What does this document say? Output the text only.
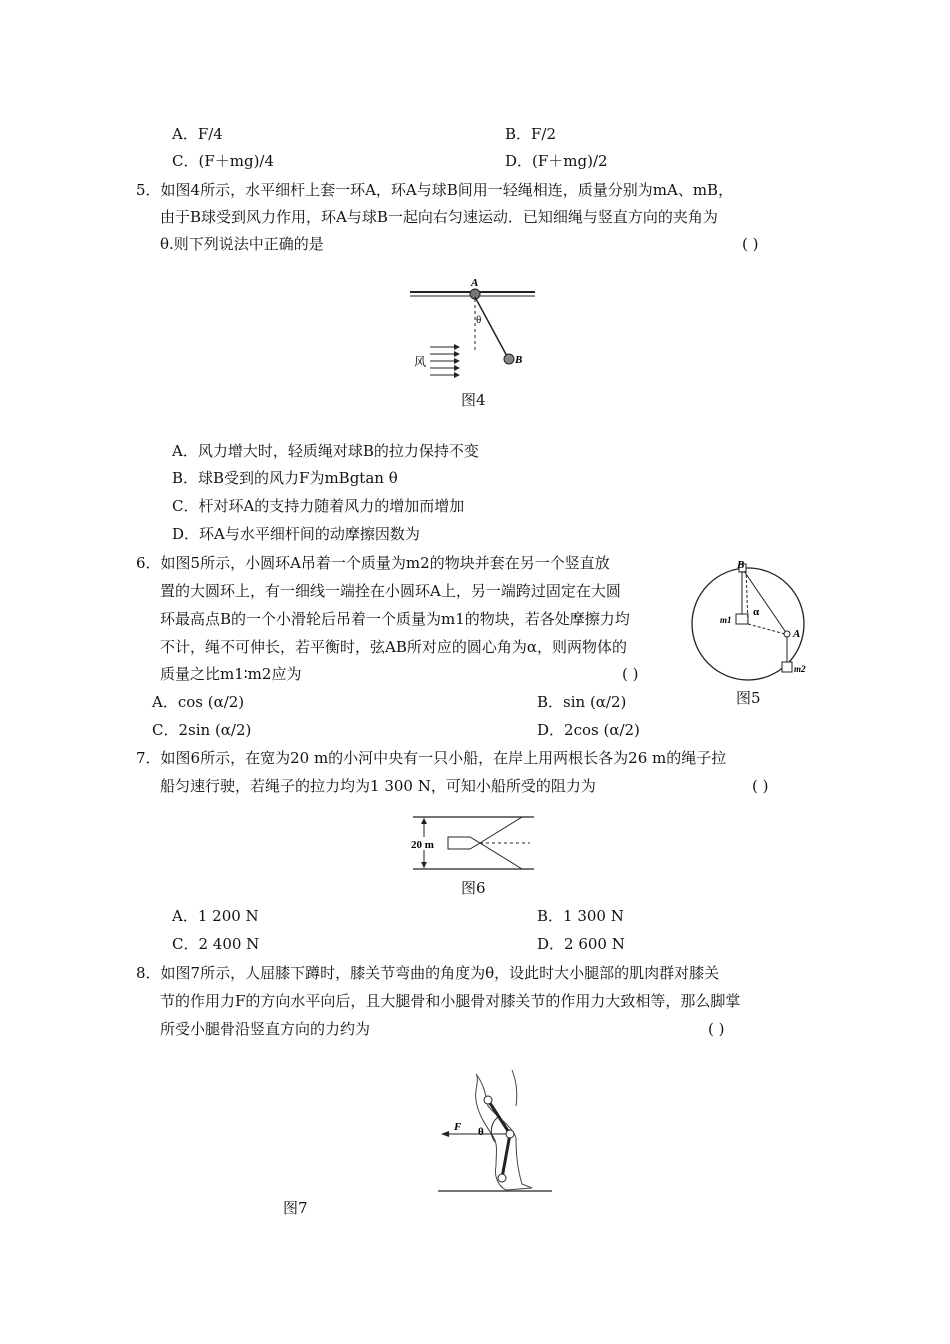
A．F/4	B．F/2
C．(F＋mg)/4	D．(F＋mg)/2
5．如图4所示，水平细杆上套一环A，环A与球B间用一轻绳相连，质量分别为mA、mB，
由于B球受到风力作用，环A与球B一起向右匀速运动．已知细绳与竖直方向的夹角为
θ.则下列说法中正确的是	( )
A
θ
B
风
图4
A．风力增大时，轻质绳对球B的拉力保持不变
B．球B受到的风力F为mBgtan θ
C．杆对环A的支持力随着风力的增加而增加
D．环A与水平细杆间的动摩擦因数为
6．如图5所示，小圆环A吊着一个质量为m2的物块并套在另一个竖直放
置的大圆环上，有一细线一端拴在小圆环A上，另一端跨过固定在大圆
环最高点B的一个小滑轮后吊着一个质量为m1的物块，若各处摩擦力均
不计，绳不可伸长，若平衡时，弦AB所对应的圆心角为α，则两物体的
质量之比m1∶m2应为	( )
B
α
A
m1
m2
图5
A．cos (α/2)	B．sin (α/2)
C．2sin (α/2)	D．2cos (α/2)
7．如图6所示，在宽为20 m的小河中央有一只小船，在岸上用两根长各为26 m的绳子拉
船匀速行驶，若绳子的拉力均为1 300 N，可知小船所受的阻力为	( )
20 m
图6
A．1 200 N	B．1 300 N
C．2 400 N	D．2 600 N
8．如图7所示，人屈膝下蹲时，膝关节弯曲的角度为θ，设此时大小腿部的肌肉群对膝关
节的作用力F的方向水平向后，且大腿骨和小腿骨对膝关节的作用力大致相等，那么脚掌
所受小腿骨沿竖直方向的力约为	( )
F θ
图7
